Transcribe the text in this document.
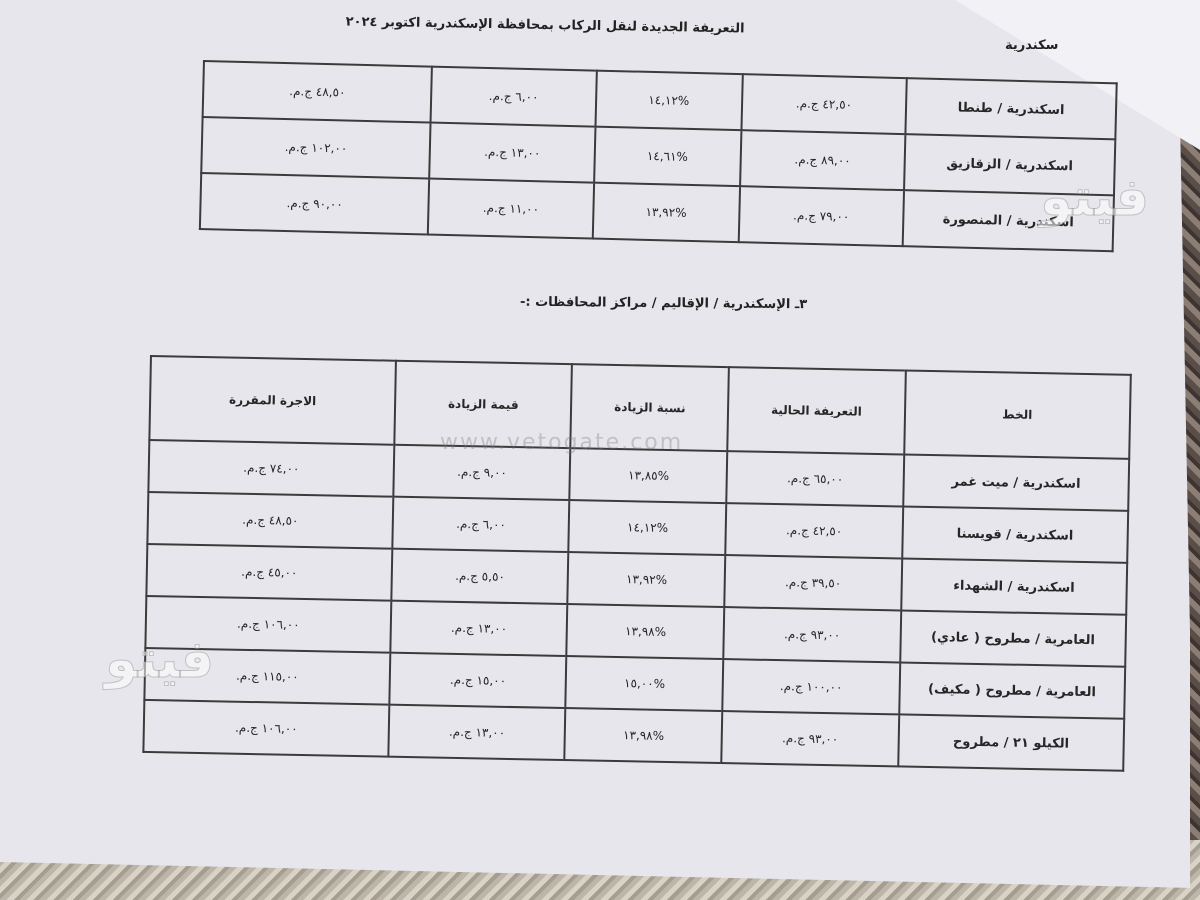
التعريفة الجديدة لنقل الركاب بمحافظة الإسكندرية اكتوبر ٢٠٢٤
سكندرية
اسكندرية / طنطا	٤٢,٥٠ ج.م.	١٤,١٢%	٦,٠٠ ج.م.	٤٨,٥٠ ج.م.
اسكندرية / الزقازيق	٨٩,٠٠ ج.م.	١٤,٦١%	١٣,٠٠ ج.م.	١٠٢,٠٠ ج.م.
اسكندرية / المنصورة	٧٩,٠٠ ج.م.	١٣,٩٢%	١١,٠٠ ج.م.	٩٠,٠٠ ج.م.
٣ـ الإسكندرية / الإقاليم / مراكز المحافظات :-
الخط	التعريفة الحالية	نسبة الزيادة	قيمة الزيادة	الاجرة المقررة
اسكندرية / ميت غمر	٦٥,٠٠ ج.م.	١٣,٨٥%	٩,٠٠ ج.م.	٧٤,٠٠ ج.م.
اسكندرية / قويسنا	٤٢,٥٠ ج.م.	١٤,١٢%	٦,٠٠ ج.م.	٤٨,٥٠ ج.م.
اسكندرية / الشهداء	٣٩,٥٠ ج.م.	١٣,٩٢%	٥,٥٠ ج.م.	٤٥,٠٠ ج.م.
العامرية / مطروح ( عادي)	٩٣,٠٠ ج.م.	١٣,٩٨%	١٣,٠٠ ج.م.	١٠٦,٠٠ ج.م.
العامرية / مطروح ( مكيف)	١٠٠,٠٠ ج.م.	١٥,٠٠%	١٥,٠٠ ج.م.	١١٥,٠٠ ج.م.
الكيلو ٢١ / مطروح	٩٣,٠٠ ج.م.	١٣,٩٨%	١٣,٠٠ ج.م.	١٠٦,٠٠ ج.م.
www.vetogate.com
فيتو
فيتو
